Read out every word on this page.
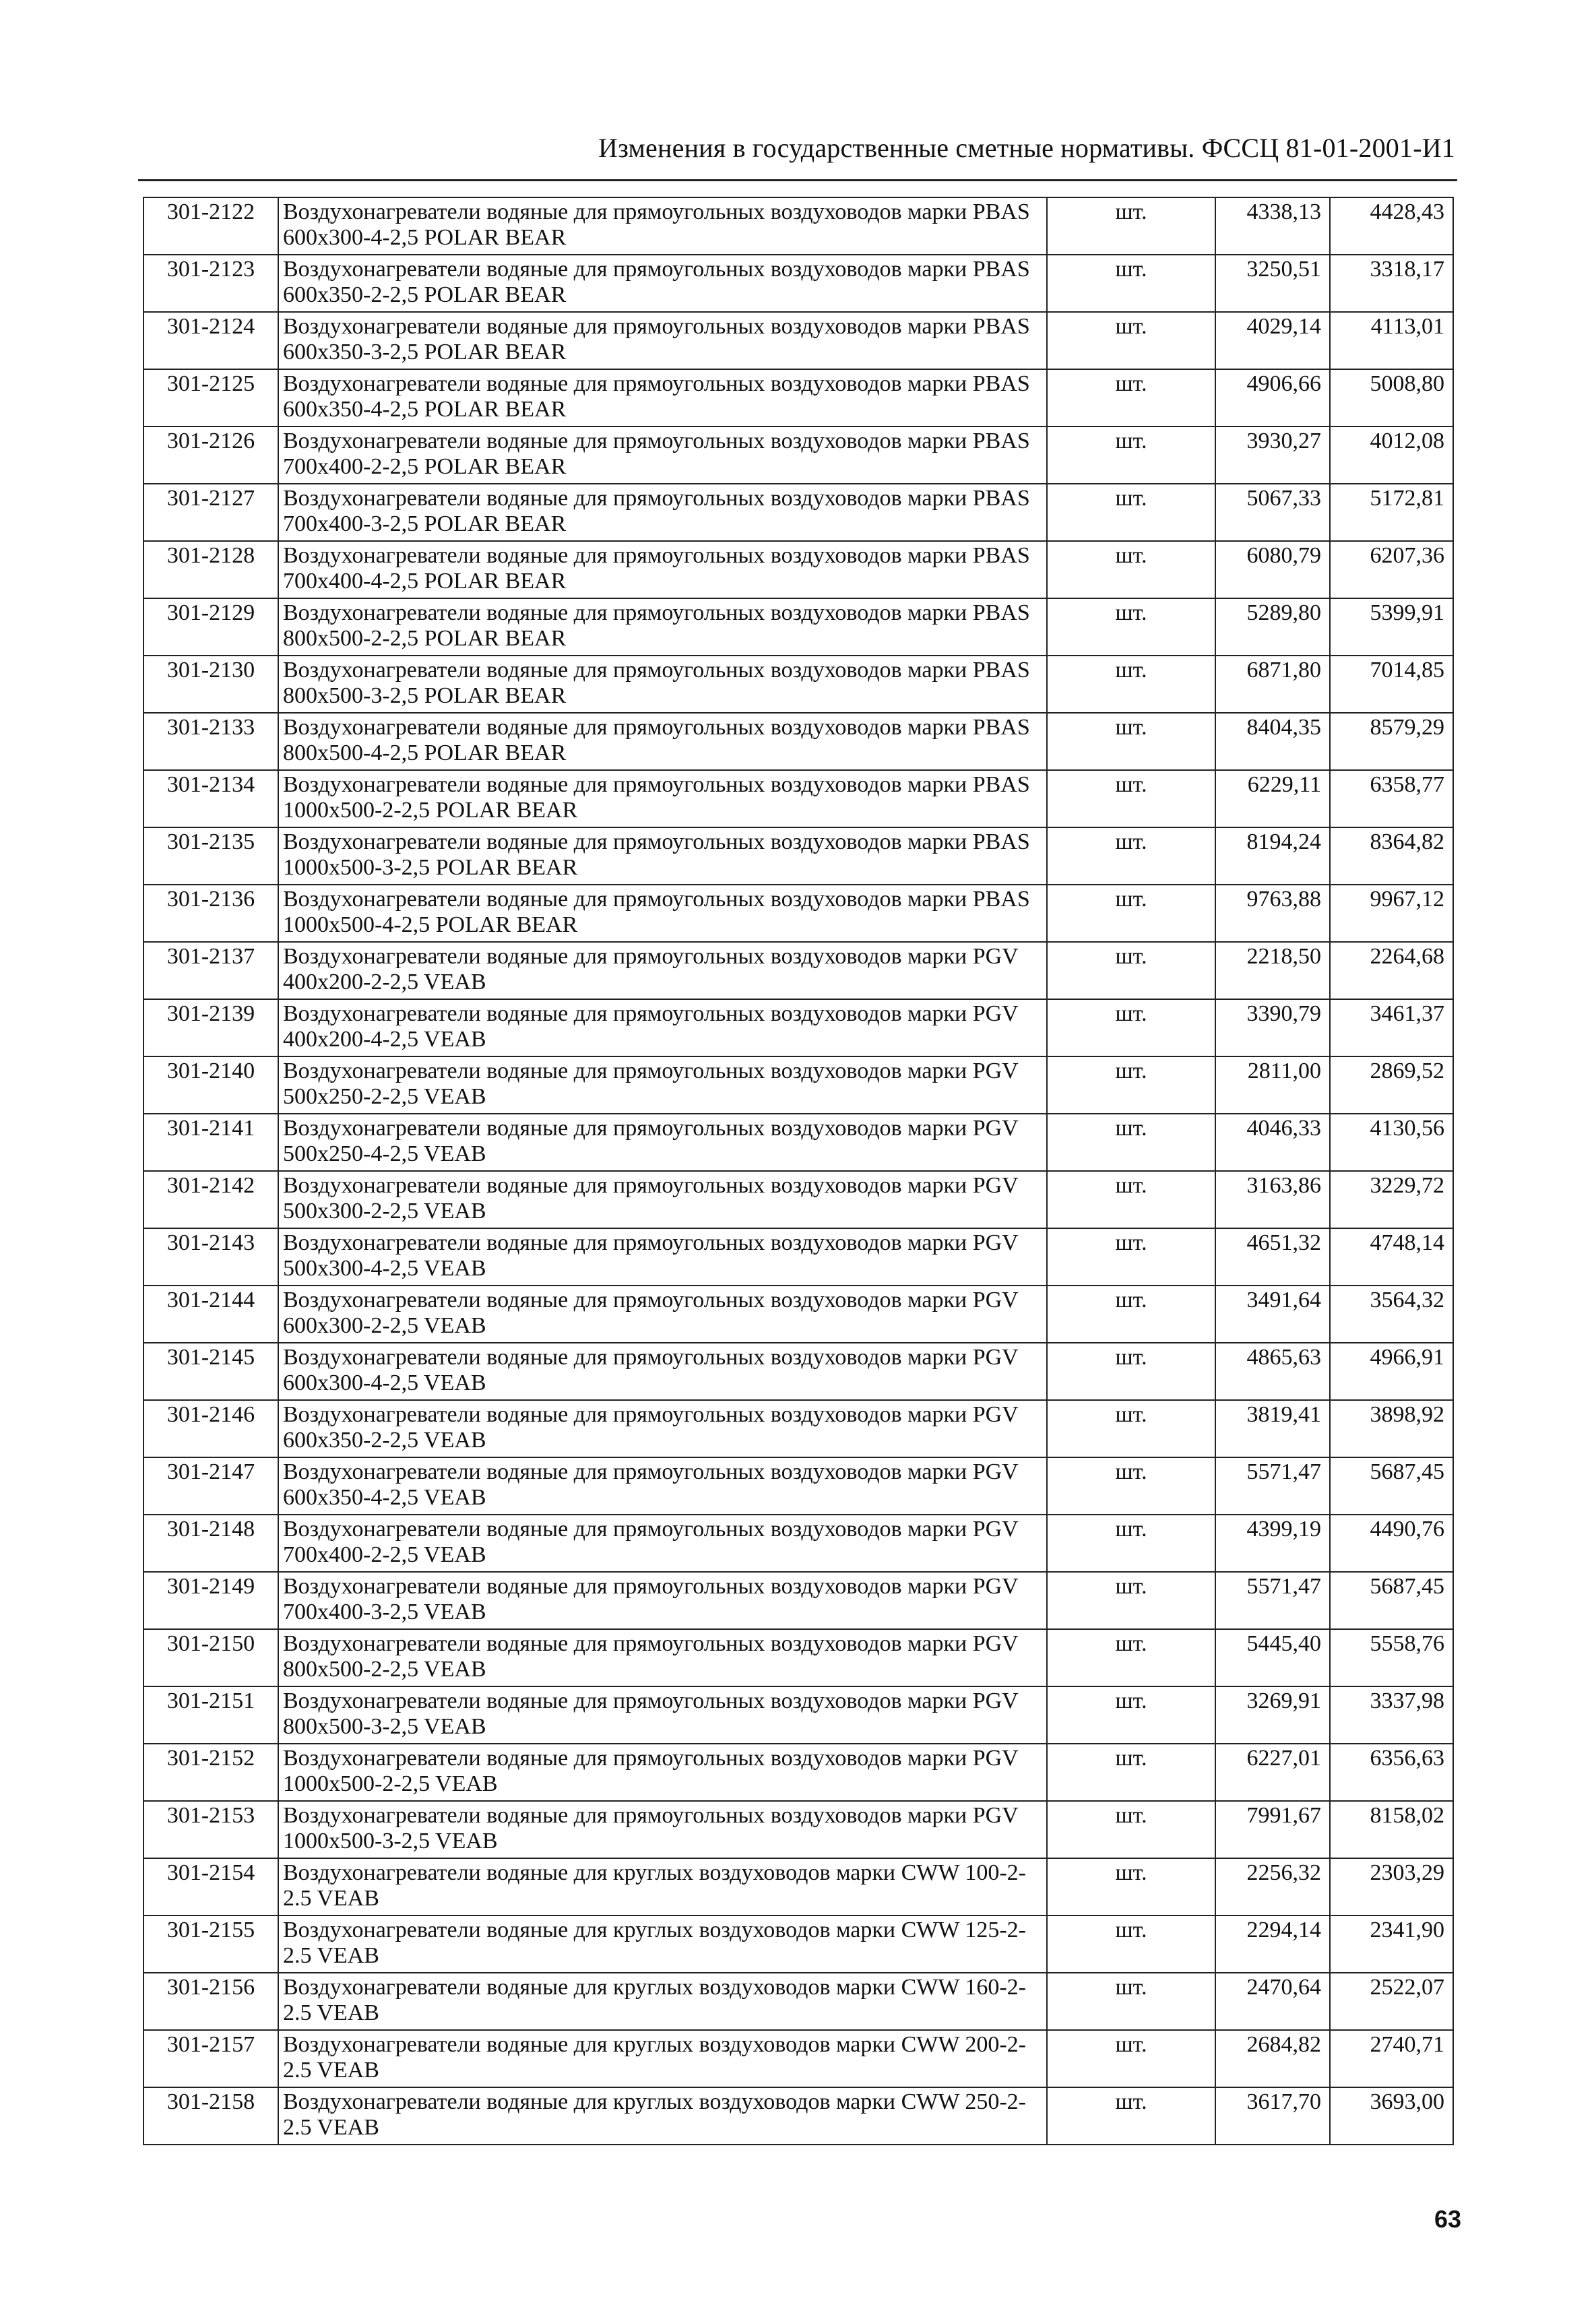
Изменения в государственные сметные нормативы. ФССЦ 81-01-2001-И1
301-2122	Воздухонагреватели водяные для прямоугольных воздуховодов марки PBAS 600x300-4-2,5 POLAR BEAR	шт.	4338,13	4428,43
301-2123	Воздухонагреватели водяные для прямоугольных воздуховодов марки PBAS 600x350-2-2,5 POLAR BEAR	шт.	3250,51	3318,17
301-2124	Воздухонагреватели водяные для прямоугольных воздуховодов марки PBAS 600x350-3-2,5 POLAR BEAR	шт.	4029,14	4113,01
301-2125	Воздухонагреватели водяные для прямоугольных воздуховодов марки PBAS 600x350-4-2,5 POLAR BEAR	шт.	4906,66	5008,80
301-2126	Воздухонагреватели водяные для прямоугольных воздуховодов марки PBAS 700x400-2-2,5 POLAR BEAR	шт.	3930,27	4012,08
301-2127	Воздухонагреватели водяные для прямоугольных воздуховодов марки PBAS 700x400-3-2,5 POLAR BEAR	шт.	5067,33	5172,81
301-2128	Воздухонагреватели водяные для прямоугольных воздуховодов марки PBAS 700x400-4-2,5 POLAR BEAR	шт.	6080,79	6207,36
301-2129	Воздухонагреватели водяные для прямоугольных воздуховодов марки PBAS 800x500-2-2,5 POLAR BEAR	шт.	5289,80	5399,91
301-2130	Воздухонагреватели водяные для прямоугольных воздуховодов марки PBAS 800x500-3-2,5 POLAR BEAR	шт.	6871,80	7014,85
301-2133	Воздухонагреватели водяные для прямоугольных воздуховодов марки PBAS 800x500-4-2,5 POLAR BEAR	шт.	8404,35	8579,29
301-2134	Воздухонагреватели водяные для прямоугольных воздуховодов марки PBAS 1000x500-2-2,5 POLAR BEAR	шт.	6229,11	6358,77
301-2135	Воздухонагреватели водяные для прямоугольных воздуховодов марки PBAS 1000x500-3-2,5 POLAR BEAR	шт.	8194,24	8364,82
301-2136	Воздухонагреватели водяные для прямоугольных воздуховодов марки PBAS 1000x500-4-2,5 POLAR BEAR	шт.	9763,88	9967,12
301-2137	Воздухонагреватели водяные для прямоугольных воздуховодов марки PGV 400x200-2-2,5 VEAB	шт.	2218,50	2264,68
301-2139	Воздухонагреватели водяные для прямоугольных воздуховодов марки PGV 400x200-4-2,5 VEAB	шт.	3390,79	3461,37
301-2140	Воздухонагреватели водяные для прямоугольных воздуховодов марки PGV 500x250-2-2,5 VEAB	шт.	2811,00	2869,52
301-2141	Воздухонагреватели водяные для прямоугольных воздуховодов марки PGV 500x250-4-2,5 VEAB	шт.	4046,33	4130,56
301-2142	Воздухонагреватели водяные для прямоугольных воздуховодов марки PGV 500x300-2-2,5 VEAB	шт.	3163,86	3229,72
301-2143	Воздухонагреватели водяные для прямоугольных воздуховодов марки PGV 500x300-4-2,5 VEAB	шт.	4651,32	4748,14
301-2144	Воздухонагреватели водяные для прямоугольных воздуховодов марки PGV 600x300-2-2,5 VEAB	шт.	3491,64	3564,32
301-2145	Воздухонагреватели водяные для прямоугольных воздуховодов марки PGV 600x300-4-2,5 VEAB	шт.	4865,63	4966,91
301-2146	Воздухонагреватели водяные для прямоугольных воздуховодов марки PGV 600x350-2-2,5 VEAB	шт.	3819,41	3898,92
301-2147	Воздухонагреватели водяные для прямоугольных воздуховодов марки PGV 600x350-4-2,5 VEAB	шт.	5571,47	5687,45
301-2148	Воздухонагреватели водяные для прямоугольных воздуховодов марки PGV 700x400-2-2,5 VEAB	шт.	4399,19	4490,76
301-2149	Воздухонагреватели водяные для прямоугольных воздуховодов марки PGV 700x400-3-2,5 VEAB	шт.	5571,47	5687,45
301-2150	Воздухонагреватели водяные для прямоугольных воздуховодов марки PGV 800x500-2-2,5 VEAB	шт.	5445,40	5558,76
301-2151	Воздухонагреватели водяные для прямоугольных воздуховодов марки PGV 800x500-3-2,5 VEAB	шт.	3269,91	3337,98
301-2152	Воздухонагреватели водяные для прямоугольных воздуховодов марки PGV 1000x500-2-2,5 VEAB	шт.	6227,01	6356,63
301-2153	Воздухонагреватели водяные для прямоугольных воздуховодов марки PGV 1000x500-3-2,5 VEAB	шт.	7991,67	8158,02
301-2154	Воздухонагреватели водяные для круглых воздуховодов марки CWW 100-2-2.5 VEAB	шт.	2256,32	2303,29
301-2155	Воздухонагреватели водяные для круглых воздуховодов марки CWW 125-2-2.5 VEAB	шт.	2294,14	2341,90
301-2156	Воздухонагреватели водяные для круглых воздуховодов марки CWW 160-2-2.5 VEAB	шт.	2470,64	2522,07
301-2157	Воздухонагреватели водяные для круглых воздуховодов марки CWW 200-2-2.5 VEAB	шт.	2684,82	2740,71
301-2158	Воздухонагреватели водяные для круглых воздуховодов марки CWW 250-2-2.5 VEAB	шт.	3617,70	3693,00
63
